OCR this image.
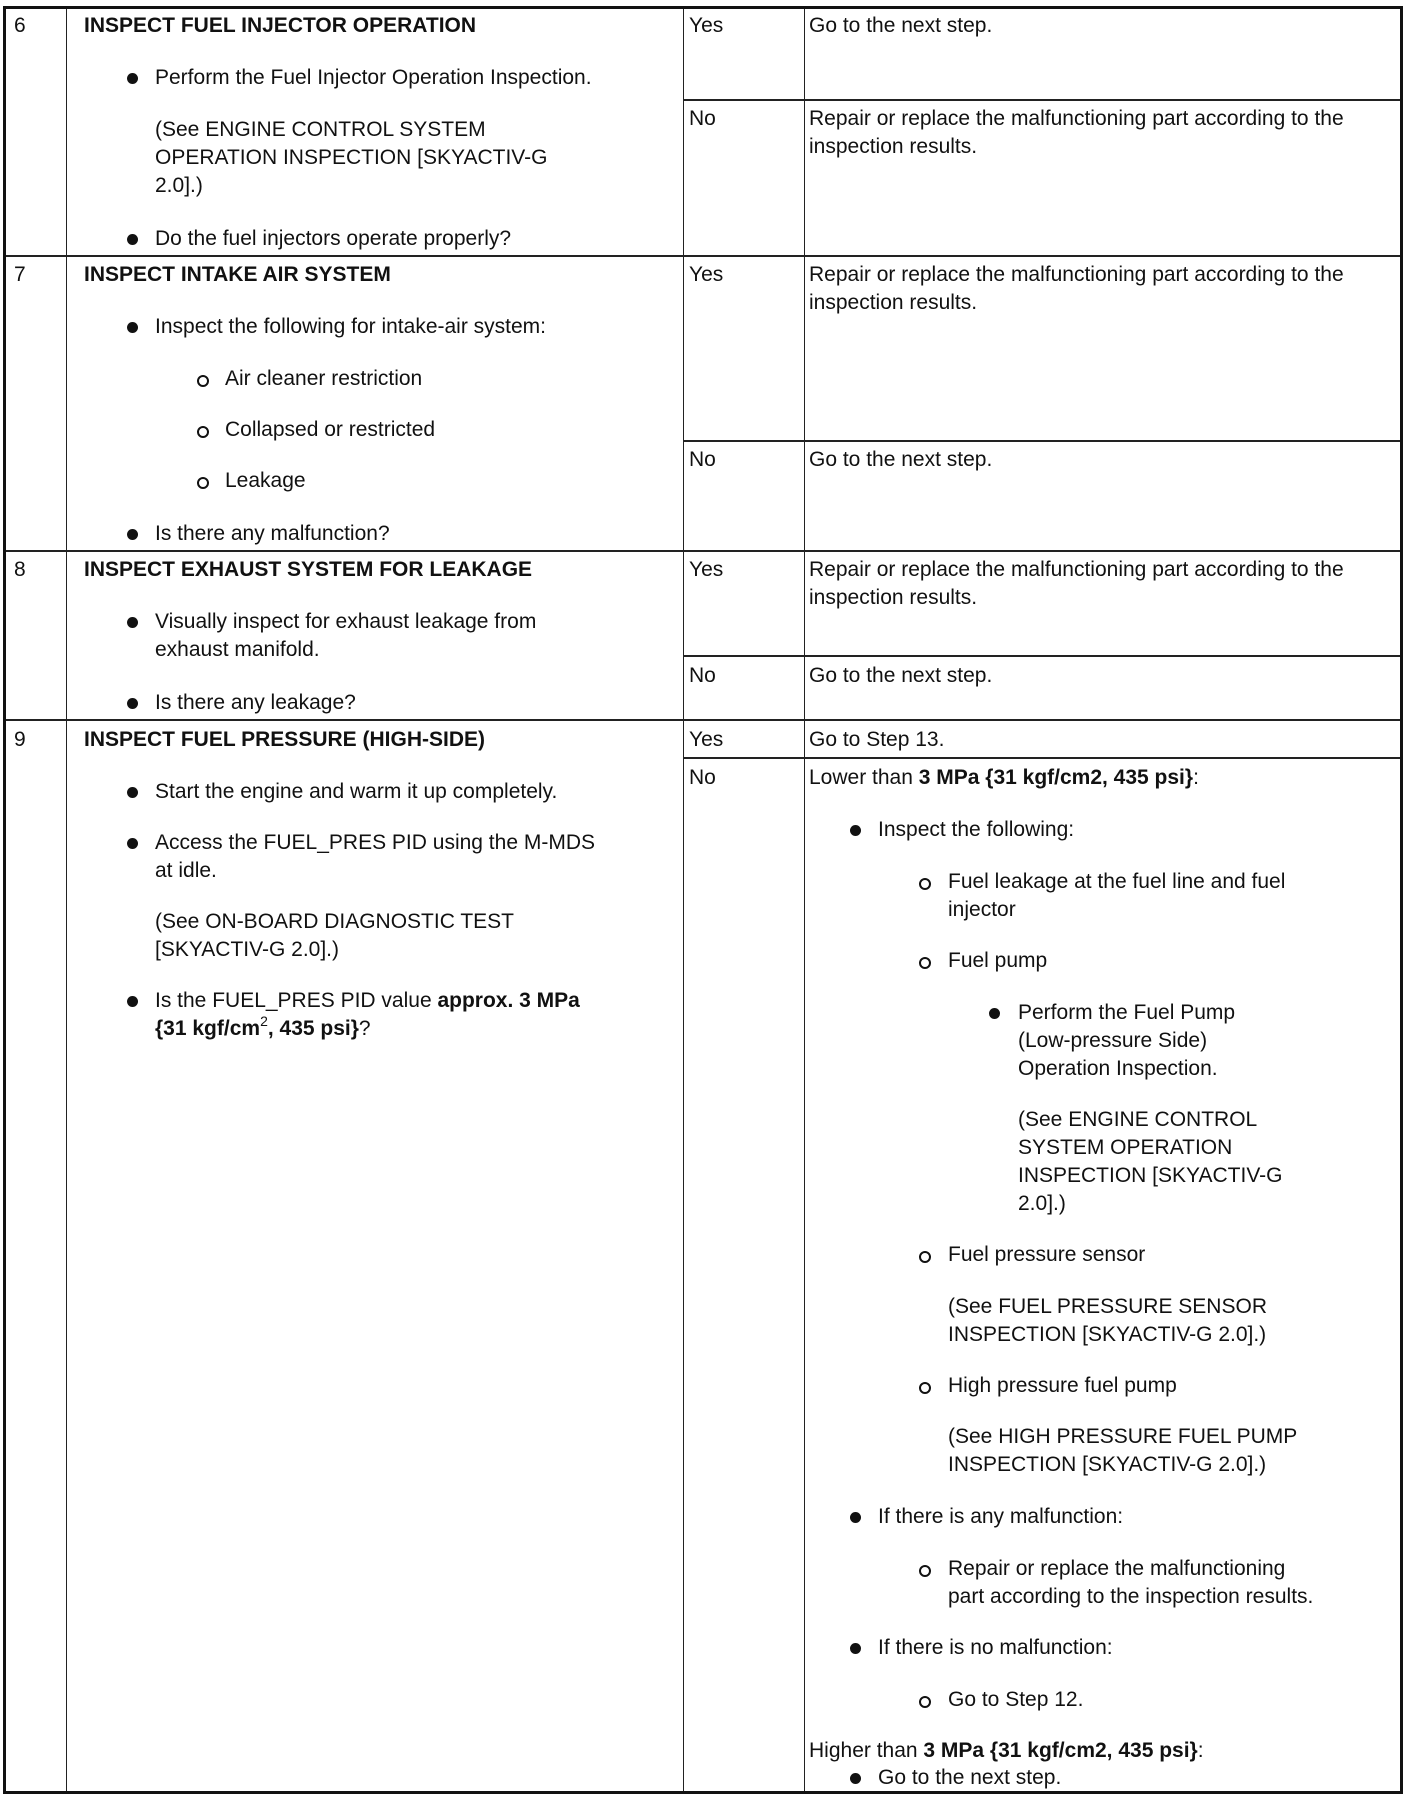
6	INSPECT FUEL INJECTOR OPERATION
Perform the Fuel Injector Operation Inspection.
(See ENGINE CONTROL SYSTEM
OPERATION INSPECTION [SKYACTIV-G
2.0].)
Do the fuel injectors operate properly?
Yes	Go to the next step.
No	Repair or replace the malfunctioning part according to the
inspection results.
7	INSPECT INTAKE AIR SYSTEM
Inspect the following for intake-air system:
Air cleaner restriction
Collapsed or restricted
Leakage
Is there any malfunction?
Yes	Repair or replace the malfunctioning part according to the
inspection results.
No	Go to the next step.
8	INSPECT EXHAUST SYSTEM FOR LEAKAGE
Visually inspect for exhaust leakage from
exhaust manifold.
Is there any leakage?
Yes	Repair or replace the malfunctioning part according to the
inspection results.
No	Go to the next step.
9	INSPECT FUEL PRESSURE (HIGH-SIDE)
Start the engine and warm it up completely.
Access the FUEL_PRES PID using the M-MDS
at idle.
(See ON-BOARD DIAGNOSTIC TEST
[SKYACTIV-G 2.0].)
Is the FUEL_PRES PID value approx. 3 MPa
{31 kgf/$cm^2$, 435 psi}?
Yes	Go to Step 13.
No	Lower than 3 MPa {31 kgf/cm2, 435 psi}:
Inspect the following:
Fuel leakage at the fuel line and fuel
injector
Fuel pump
Perform the Fuel Pump
(Low-pressure Side)
Operation Inspection.
(See ENGINE CONTROL
SYSTEM OPERATION
INSPECTION [SKYACTIV-G
2.0].)
Fuel pressure sensor
(See FUEL PRESSURE SENSOR
INSPECTION [SKYACTIV-G 2.0].)
High pressure fuel pump
(See HIGH PRESSURE FUEL PUMP
INSPECTION [SKYACTIV-G 2.0].)
If there is any malfunction:
Repair or replace the malfunctioning
part according to the inspection results.
If there is no malfunction:
Go to Step 12.
Higher than 3 MPa {31 kgf/cm2, 435 psi}:
Go to the next step.
